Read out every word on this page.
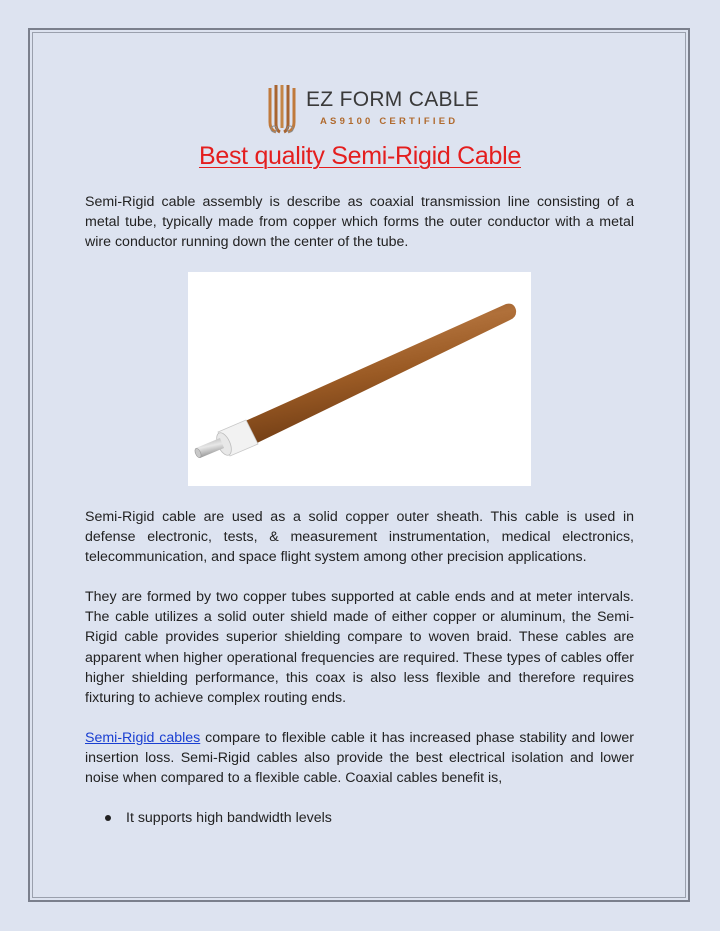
EZ FORM CABLE
AS9100 CERTIFIED
Best quality Semi-Rigid Cable

Semi-Rigid cable assembly is describe as coaxial transmission line consisting of a metal tube, typically made from copper which forms the outer conductor with a metal wire conductor running down the center of the tube.

Semi-Rigid cable are used as a solid copper outer sheath. This cable is used in defense electronic, tests, & measurement instrumentation, medical electronics, telecommunication, and space flight system among other precision applications.

They are formed by two copper tubes supported at cable ends and at meter intervals. The cable utilizes a solid outer shield made of either copper or aluminum, the Semi-Rigid cable provides superior shielding compare to woven braid. These cables are apparent when higher operational frequencies are required. These types of cables offer higher shielding performance, this coax is also less flexible and therefore requires fixturing to achieve complex routing ends.

Semi-Rigid cables compare to flexible cable it has increased phase stability and lower insertion loss. Semi-Rigid cables also provide the best electrical isolation and lower noise when compared to a flexible cable. Coaxial cables benefit is,

It supports high bandwidth levels
